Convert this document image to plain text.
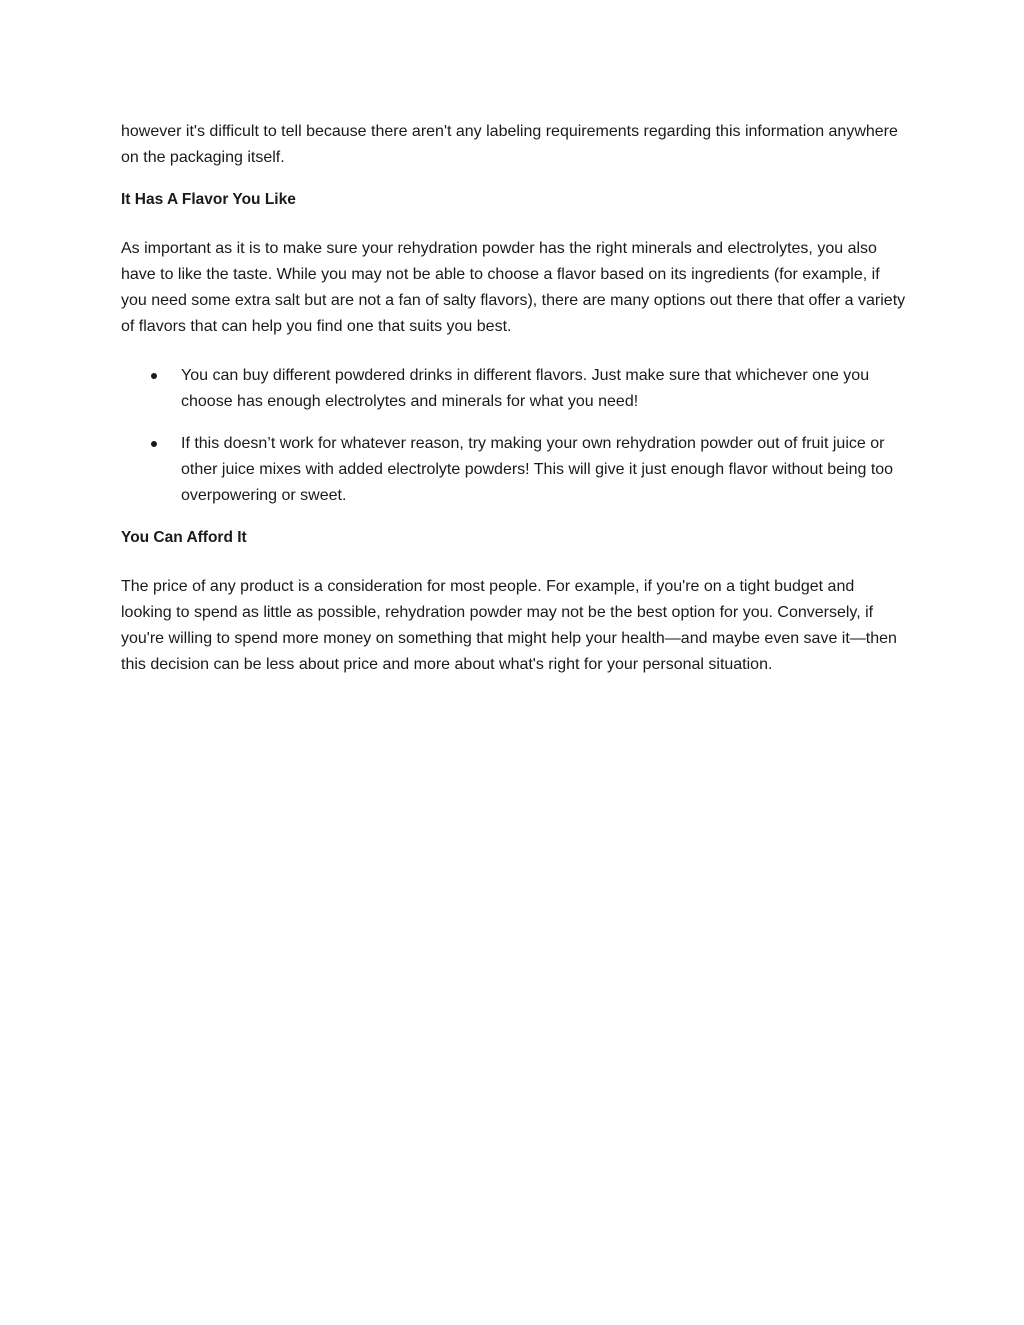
however it's difficult to tell because there aren't any labeling requirements regarding this information anywhere on the packaging itself.

It Has A Flavor You Like

As important as it is to make sure your rehydration powder has the right minerals and electrolytes, you also have to like the taste. While you may not be able to choose a flavor based on its ingredients (for example, if you need some extra salt but are not a fan of salty flavors), there are many options out there that offer a variety of flavors that can help you find one that suits you best.

You can buy different powdered drinks in different flavors. Just make sure that whichever one you choose has enough electrolytes and minerals for what you need!
If this doesn’t work for whatever reason, try making your own rehydration powder out of fruit juice or other juice mixes with added electrolyte powders! This will give it just enough flavor without being too overpowering or sweet.

You Can Afford It

The price of any product is a consideration for most people. For example, if you're on a tight budget and looking to spend as little as possible, rehydration powder may not be the best option for you. Conversely, if you're willing to spend more money on something that might help your health—and maybe even save it—then this decision can be less about price and more about what's right for your personal situation.
